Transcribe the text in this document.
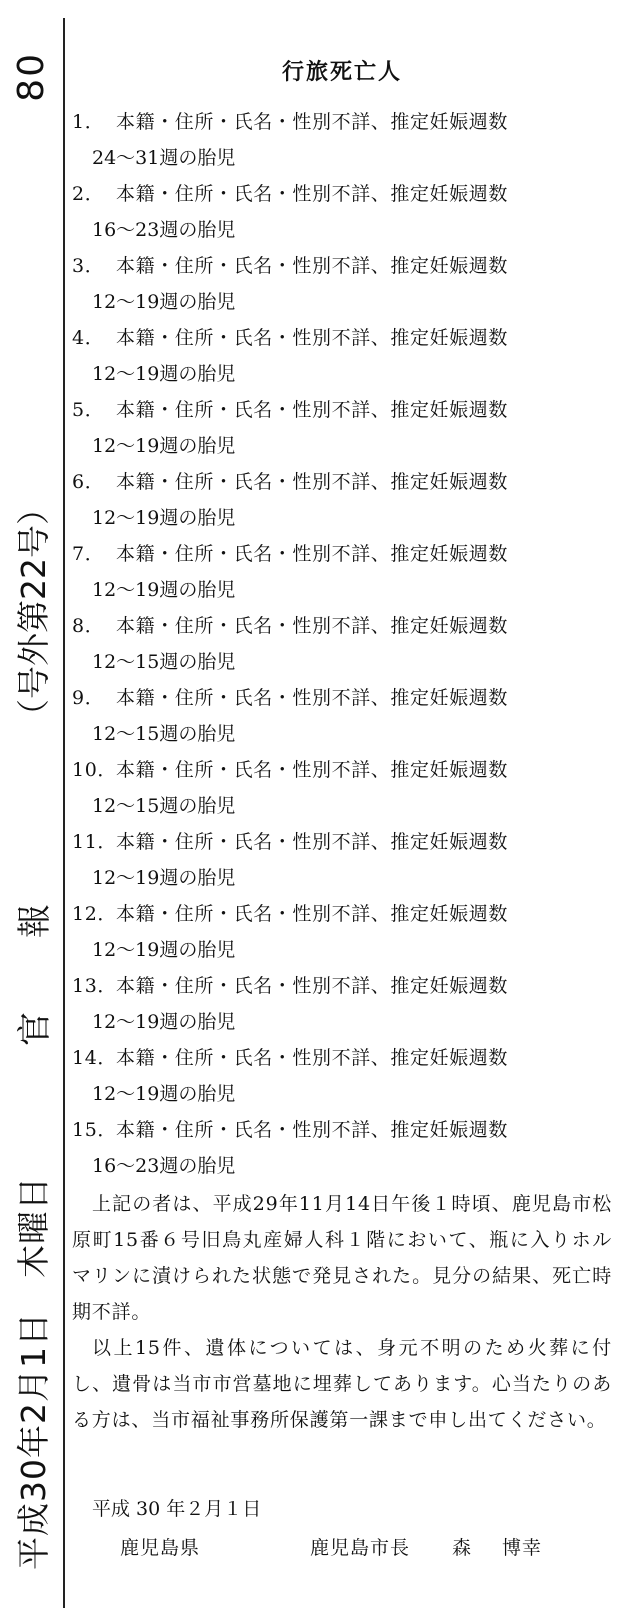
平成30年2月1日　木曜日
官　　報
（号外第22号）
80	行旅死亡人
1． 本籍・住所・氏名・性別不詳、推定妊娠週数
24～31週の胎児
2． 本籍・住所・氏名・性別不詳、推定妊娠週数
16～23週の胎児
3． 本籍・住所・氏名・性別不詳、推定妊娠週数
12～19週の胎児
4． 本籍・住所・氏名・性別不詳、推定妊娠週数
12～19週の胎児
5． 本籍・住所・氏名・性別不詳、推定妊娠週数
12～19週の胎児
6． 本籍・住所・氏名・性別不詳、推定妊娠週数
12～19週の胎児
7． 本籍・住所・氏名・性別不詳、推定妊娠週数
12～19週の胎児
8． 本籍・住所・氏名・性別不詳、推定妊娠週数
12～15週の胎児
9． 本籍・住所・氏名・性別不詳、推定妊娠週数
12～15週の胎児
10．本籍・住所・氏名・性別不詳、推定妊娠週数
12～15週の胎児
11．本籍・住所・氏名・性別不詳、推定妊娠週数
12～19週の胎児
12．本籍・住所・氏名・性別不詳、推定妊娠週数
12～19週の胎児
13．本籍・住所・氏名・性別不詳、推定妊娠週数
12～19週の胎児
14．本籍・住所・氏名・性別不詳、推定妊娠週数
12～19週の胎児
15．本籍・住所・氏名・性別不詳、推定妊娠週数
16～23週の胎児

上記の者は、平成29年11月14日午後１時頃、鹿児島市松原町15番６号旧鳥丸産婦人科１階において、瓶に入りホルマリンに漬けられた状態で発見された。見分の結果、死亡時期不詳。

以上15件、遺体については、身元不明のため火葬に付し、遺骨は当市市営墓地に埋葬してあります。心当たりのある方は、当市福祉事務所保護第一課まで申し出てください。

平成 30 年２月１日
鹿児島県	鹿児島市長 森 博幸
